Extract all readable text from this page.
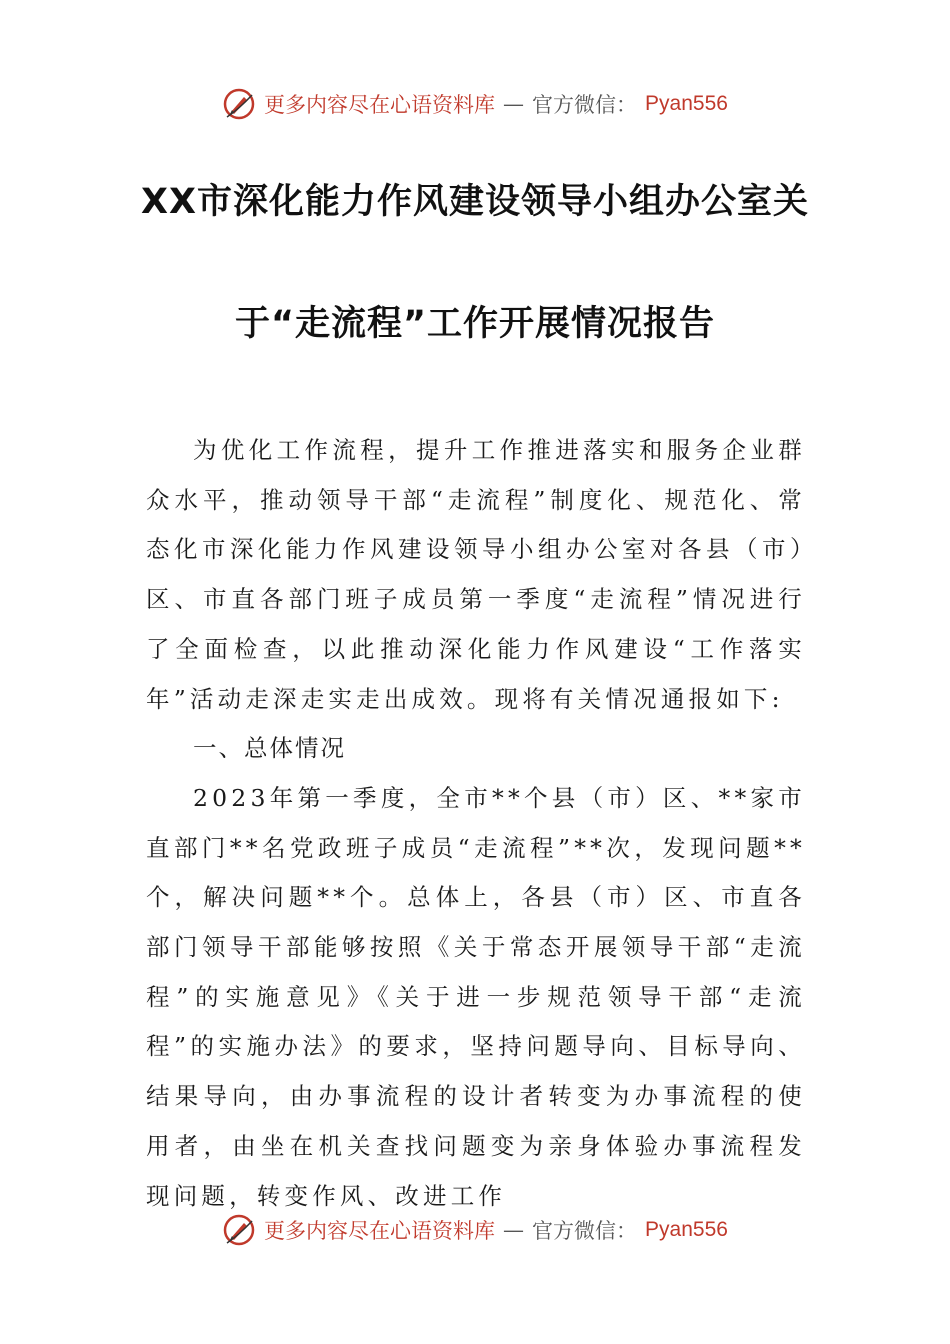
更多内容尽在心语资料库 — 官方微信： Pyan556
XX市深化能力作风建设领导小组办公室关
于“走流程”工作开展情况报告

为优化工作流程，提升工作推进落实和服务企业群众水平，推动领导干部“走流程”制度化、规范化、常态化市深化能力作风建设领导小组办公室对各县（市）区、市直各部门班子成员第一季度“走流程”情况进行了全面检查，以此推动深化能力作风建设“工作落实年”活动走深走实走出成效。现将有关情况通报如下:

一、总体情况

2023年第一季度，全市**个县（市）区、**家市直部门**名党政班子成员“走流程”**次，发现问题**个，解决问题**个。总体上，各县（市）区、市直各部门领导干部能够按照《关于常态开展领导干部“走流程”的实施意见》《关于进一步规范领导干部“走流程”的实施办法》的要求，坚持问题导向、目标导向、结果导向，由办事流程的设计者转变为办事流程的使用者，由坐在机关查找问题变为亲身体验办事流程发现问题，转变作风、改进工作

更多内容尽在心语资料库 — 官方微信： Pyan556
